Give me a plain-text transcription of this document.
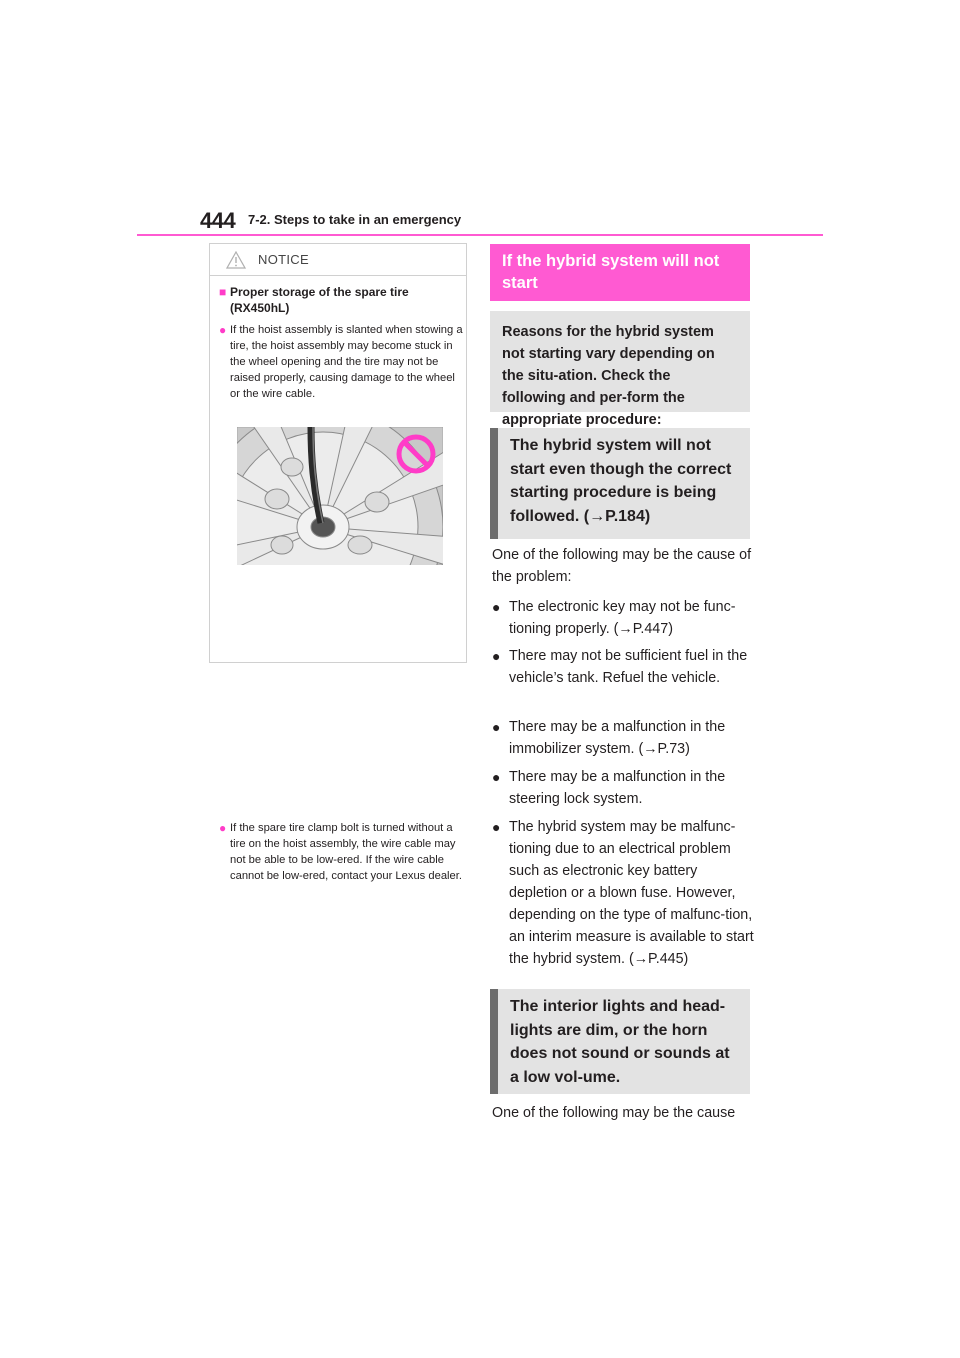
444 7-2. Steps to take in an emergency
NOTICE
■ Proper storage of the spare tire (RX450hL)
● If the hoist assembly is slanted when stowing a tire, the hoist assembly may become stuck in the wheel opening and the tire may not be raised properly, causing damage to the wheel or the wire cable.
● If the spare tire clamp bolt is turned without a tire on the hoist assembly, the wire cable may not be able to be low-ered. If the wire cable cannot be low-ered, contact your Lexus dealer.
If the hybrid system will not start
Reasons for the hybrid system not starting vary depending on the situ-ation. Check the following and per-form the appropriate procedure:
The hybrid system will not start even though the correct starting procedure is being followed. (→P.184)
One of the following may be the cause of the problem:
● The electronic key may not be func-tioning properly. (→P.447)
● There may not be sufficient fuel in the vehicle’s tank. Refuel the vehicle.
● There may be a malfunction in the immobilizer system. (→P.73)
● There may be a malfunction in the steering lock system.
● The hybrid system may be malfunc-tioning due to an electrical problem such as electronic key battery depletion or a blown fuse. However, depending on the type of malfunc-tion, an interim measure is available to start the hybrid system. (→P.445)
The interior lights and head-lights are dim, or the horn does not sound or sounds at a low vol-ume.
One of the following may be the cause
